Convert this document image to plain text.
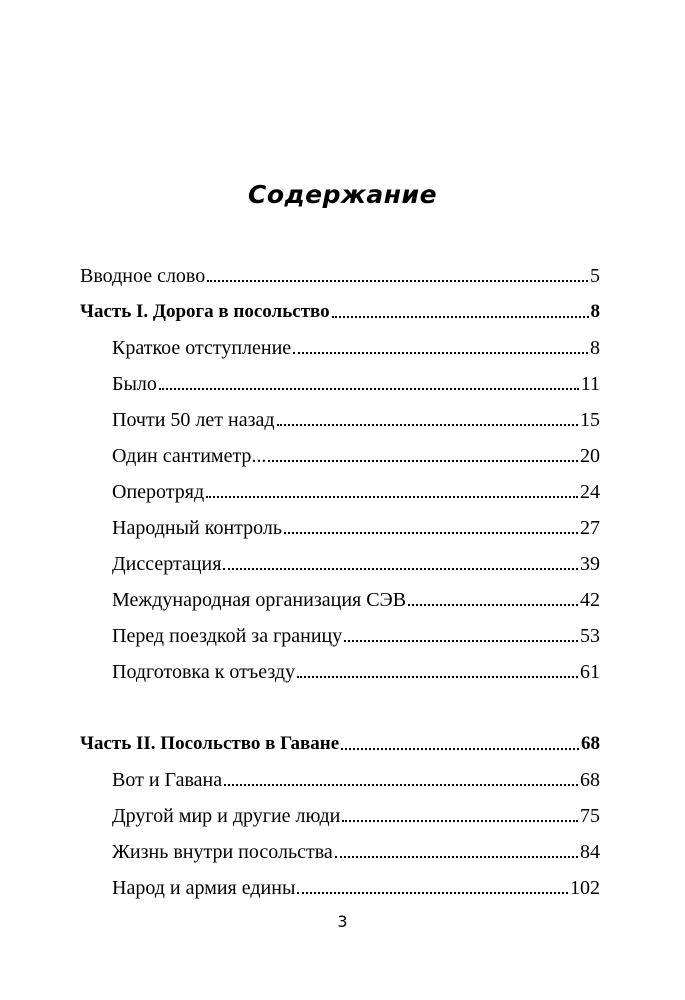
Содержание
Вводное слово	5
Часть I. Дорога в посольство	8
Краткое отступление	8
Было	11
Почти 50 лет назад	15
Один сантиметр...	20
Оперотряд	24
Народный контроль	27
Диссертация	39
Международная организация СЭВ	42
Перед поездкой за границу	53
Подготовка к отъезду	61
Часть II. Посольство в Гаване	68
Вот и Гавана	68
Другой мир и другие люди	75
Жизнь внутри посольства	84
Народ и армия едины	102
3
